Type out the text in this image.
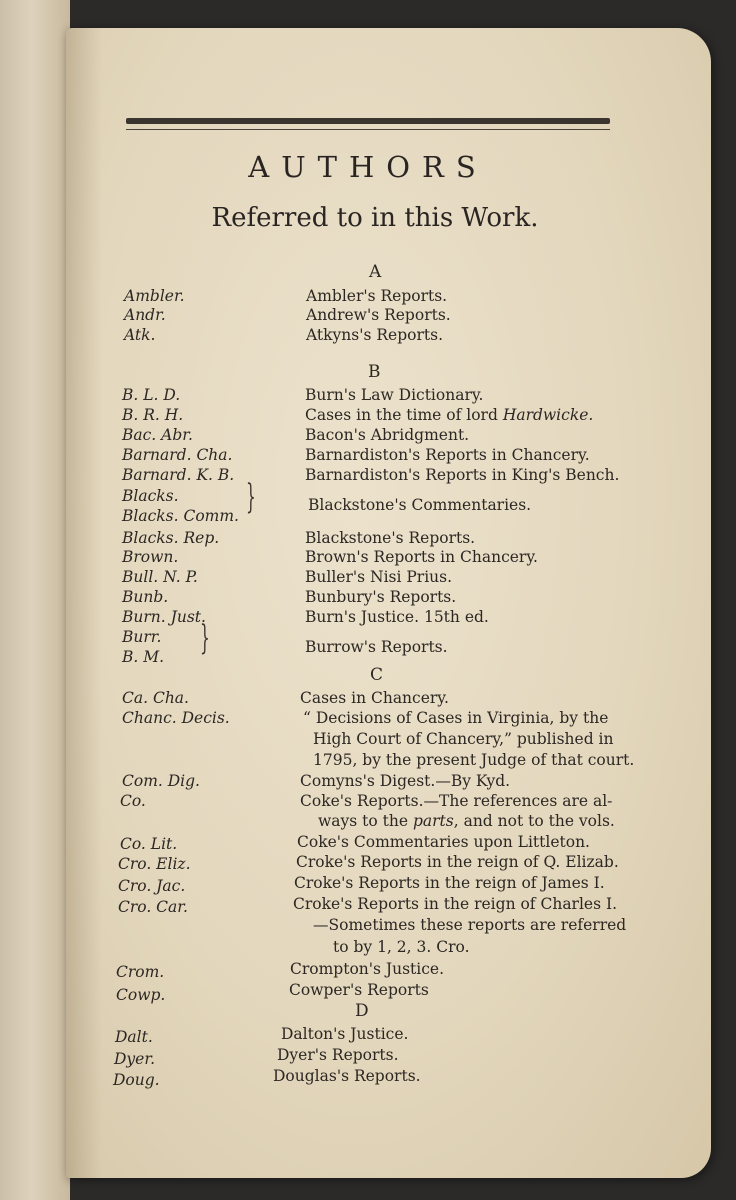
AUTHORS
Referred to in this Work.
A
Ambler.	Ambler's Reports.
Andr.	Andrew's Reports.
Atk.	Atkyns's Reports.
B
B. L. D.	Burn's Law Dictionary.
B. R. H.	Cases in the time of lord Hardwicke.
Bac. Abr.	Bacon's Abridgment.
Barnard. Cha.	Barnardiston's Reports in Chancery.
Barnard. K. B.	Barnardiston's Reports in King's Bench.
Blacks.
Blacks. Comm. }	Blackstone's Commentaries.
Blacks. Rep.	Blackstone's Reports.
Brown.	Brown's Reports in Chancery.
Bull. N. P.	Buller's Nisi Prius.
Bunb.	Bunbury's Reports.
Burn. Just.	Burn's Justice. 15th ed.
Burr.
B. M. }	Burrow's Reports.
C
Ca. Cha.	Cases in Chancery.
Chanc. Decis.	“ Decisions of Cases in Virginia, by the
High Court of Chancery,” published in
1795, by the present Judge of that court.
Com. Dig.	Comyns's Digest.—By Kyd.
Co.	Coke's Reports.—The references are al-
ways to the parts, and not to the vols.
Co. Lit.	Coke's Commentaries upon Littleton.
Cro. Eliz.	Croke's Reports in the reign of Q. Elizab.
Cro. Jac.	Croke's Reports in the reign of James I.
Cro. Car.	Croke's Reports in the reign of Charles I.
—Sometimes these reports are referred
to by 1, 2, 3. Cro.
Crom.	Crompton's Justice.
Cowp.	Cowper's Reports
D
Dalt.	Dalton's Justice.
Dyer.	Dyer's Reports.
Doug.	Douglas's Reports.
